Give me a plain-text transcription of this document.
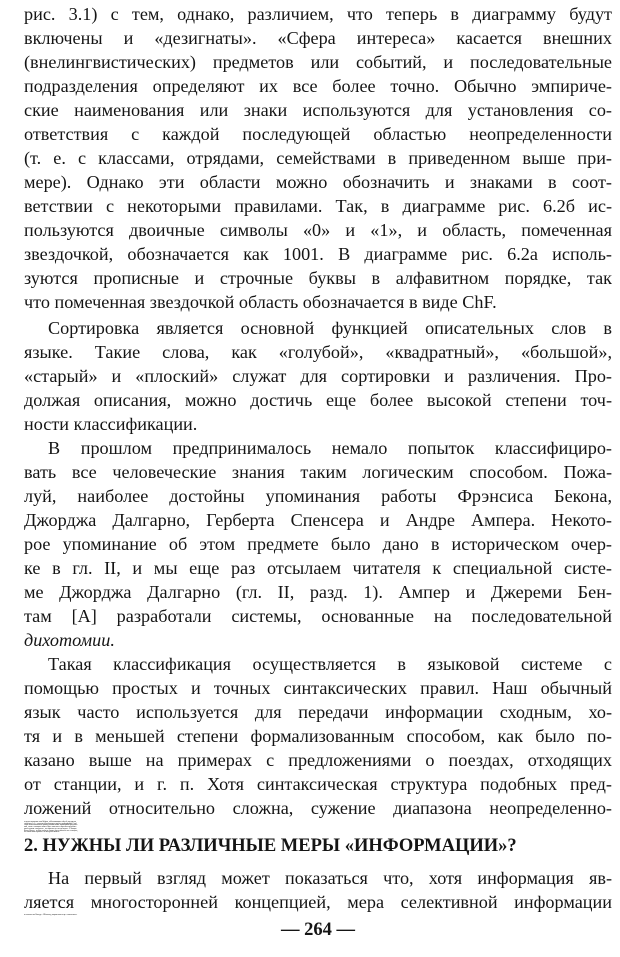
рис. 3.1) с тем, однако, различием, что теперь в диаграмму будут
включены и «дезигнаты». «Сфера интереса» касается внешних
(внелингвистических) предметов или событий, и последовательные
подразделения определяют их все более точно. Обычно эмпириче-
ские наименования или знаки используются для установления со-
ответствия с каждой последующей областью неопределенности
(т. е. с классами, отрядами, семействами в приведенном выше при-
мере). Однако эти области можно обозначить и знаками в соот-
ветствии с некоторыми правилами. Так, в диаграмме рис. 6.2б ис-
пользуются двоичные символы «0» и «1», и область, помеченная
звездочкой, обозначается как 1001. В диаграмме рис. 6.2а исполь-
зуются прописные и строчные буквы в алфавитном порядке, так
что помеченная звездочкой область обозначается в виде ChF.
Сортировка является основной функцией описательных слов в
языке. Такие слова, как «голубой», «квадратный», «большой»,
«старый» и «плоский» служат для сортировки и различения. Про-
должая описания, можно достичь еще более высокой степени точ-
ности классификации.
В прошлом предпринималось немало попыток классифициро-
вать все человеческие знания таким логическим способом. Пожа-
луй, наиболее достойны упоминания работы Фрэнсиса Бекона,
Джорджа Далгарно, Герберта Спенсера и Андре Ампера. Некото-
рое упоминание об этом предмете было дано в историческом очер-
ке в гл. II, и мы еще раз отсылаем читателя к специальной систе-
ме Джорджа Далгарно (гл. II, разд. 1). Ампер и Джереми Бен-
там [А] разработали системы, основанные на последовательной
дихотомии.
Такая классификация осуществляется в языковой системе с
помощью простых и точных синтаксических правил. Наш обычный
язык часто используется для передачи информации сходным, хо-
тя и в меньшей степени формализованным способом, как было по-
казано выше на примерах с предложениями о поездах, отходящих
от станции, и г. п. Хотя синтаксическая структура подобных пред-
ложений относительно сложна, сужение диапазона неопределенно-
2. НУЖНЫ ЛИ РАЗЛИЧНЫЕ МЕРЫ «ИНФОРМАЦИИ»?
На первый взгляд может показаться что, хотя информация яв-
ляется многосторонней концепцией, мера селективной информации
— 264 —
сти на семантическом уровне опирается на конкретную синтакси-
ческую иерархию слов и фраз, обозначающих классы, предметы,
события и т. п., относительно которых ищется информация. Если
снова воспользоваться приведенными выше примерами предложе-
ний, слово «станция» может быть заменено в простых предложе-
ниях словом «откуда-то», но обратное не всегда верно. «Станция
Кингс Кросс», в свою очередь, может быть заменена на «станция»,
но опять-таки обратное не всегда возможно.
в сигналах по Винеру—Шеннону, выраженная через статистичес-
